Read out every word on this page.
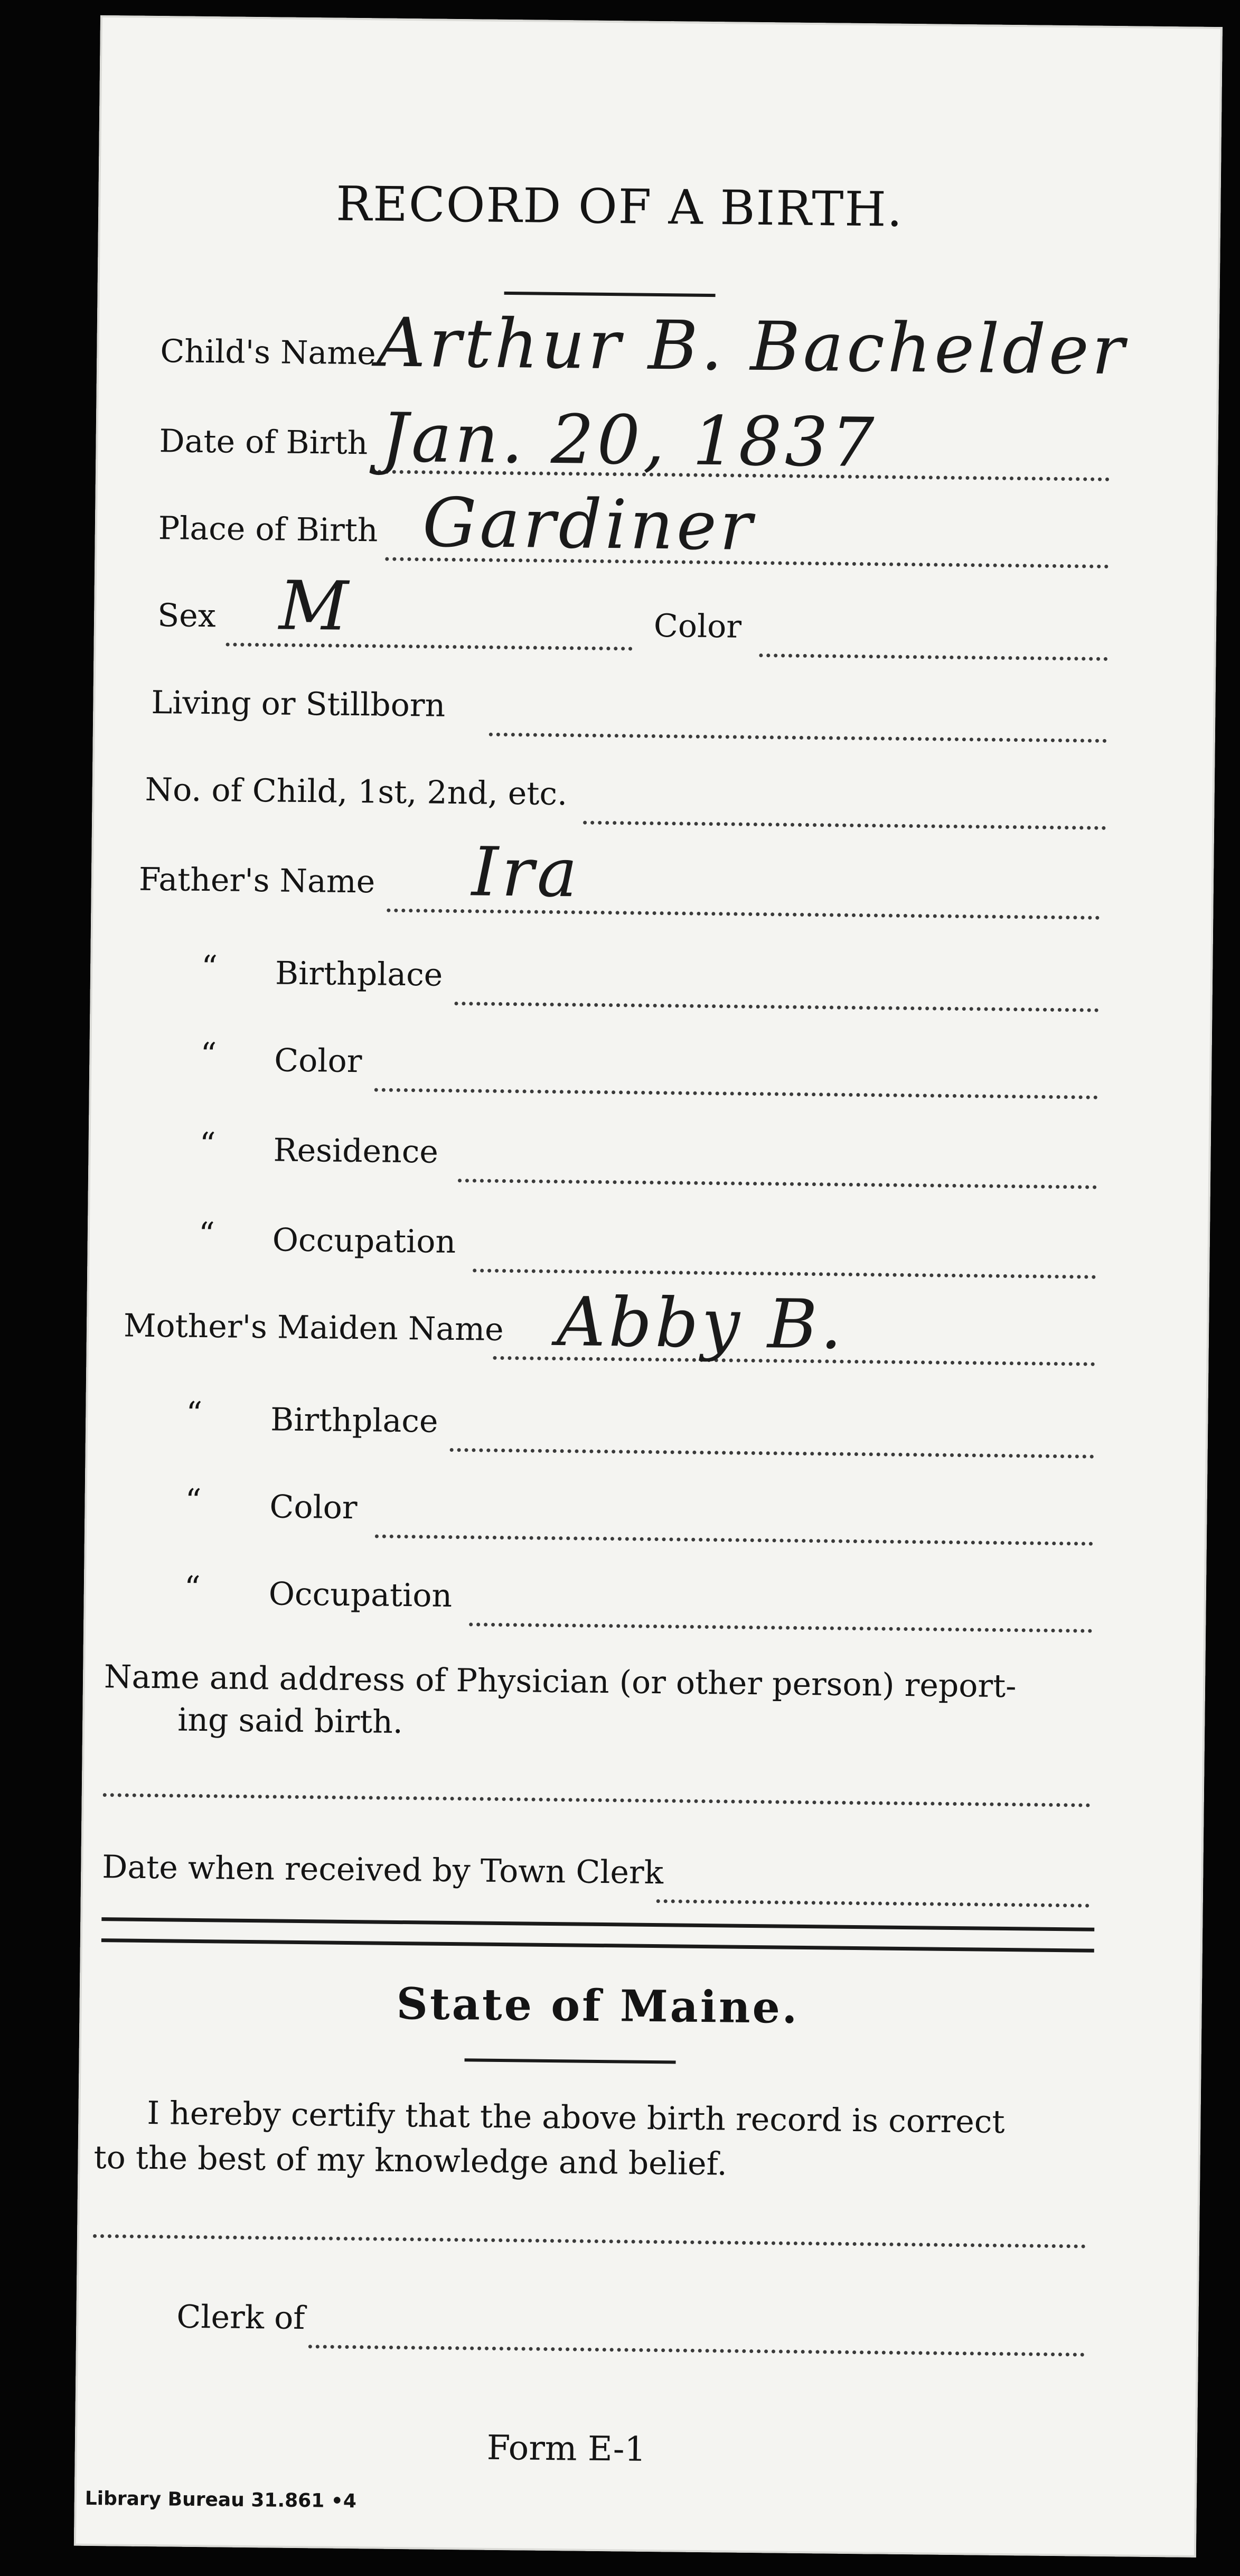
RECORD OF A BIRTH.
Child's Name Arthur B. Bachelder
Date of Birth Jan. 20, 1837
Place of Birth Gardiner
Sex M	Color
Living or Stillborn
No. of Child, 1st, 2nd, etc.
Father's Name Ira
“ Birthplace
“ Color
“ Residence
“ Occupation
Mother's Maiden Name Abby B.
“ Birthplace
“ Color
“ Occupation
Name and address of Physician (or other person) report-
ing said birth.
Date when received by Town Clerk
State of Maine.
I hereby certify that the above birth record is correct
to the best of my knowledge and belief.
Clerk of
Form E-1
Library Bureau 31.861 •4
